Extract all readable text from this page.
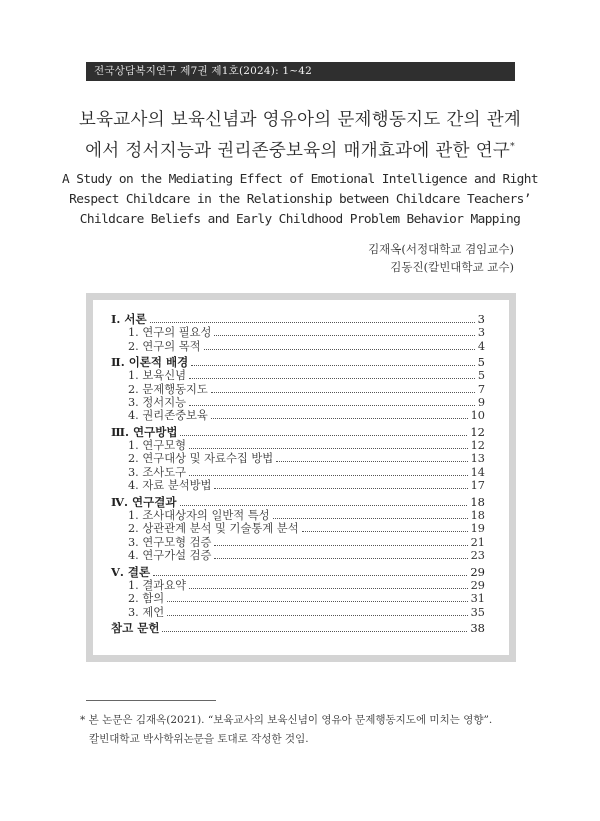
전국상담복지연구 제7권 제1호(2024): 1~42
보육교사의 보육신념과 영유아의 문제행동지도 간의 관계
에서 정서지능과 권리존중보육의 매개효과에 관한 연구*
A Study on the Mediating Effect of Emotional Intelligence and Right
Respect Childcare in the Relationship between Childcare Teachers’
Childcare Beliefs and Early Childhood Problem Behavior Mapping
김재옥(서정대학교 겸임교수)
김동진(칼빈대학교 교수)
Ⅰ. 서론	3
1. 연구의 필요성	3
2. 연구의 목적	4
Ⅱ. 이론적 배경	5
1. 보육신념	5
2. 문제행동지도	7
3. 정서지능	9
4. 권리존중보육	10
Ⅲ. 연구방법	12
1. 연구모형	12
2. 연구대상 및 자료수집 방법	13
3. 조사도구	14
4. 자료 분석방법	17
Ⅳ. 연구결과	18
1. 조사대상자의 일반적 특성	18
2. 상관관계 분석 및 기술통계 분석	19
3. 연구모형 검증	21
4. 연구가설 검증	23
Ⅴ. 결론	29
1. 결과요약	29
2. 함의	31
3. 제언	35
참고 문헌	38
* 본 논문은 김재옥(2021). “보육교사의 보육신념이 영유아 문제행동지도에 미치는 영향”.
칼빈대학교 박사학위논문을 토대로 작성한 것임.
